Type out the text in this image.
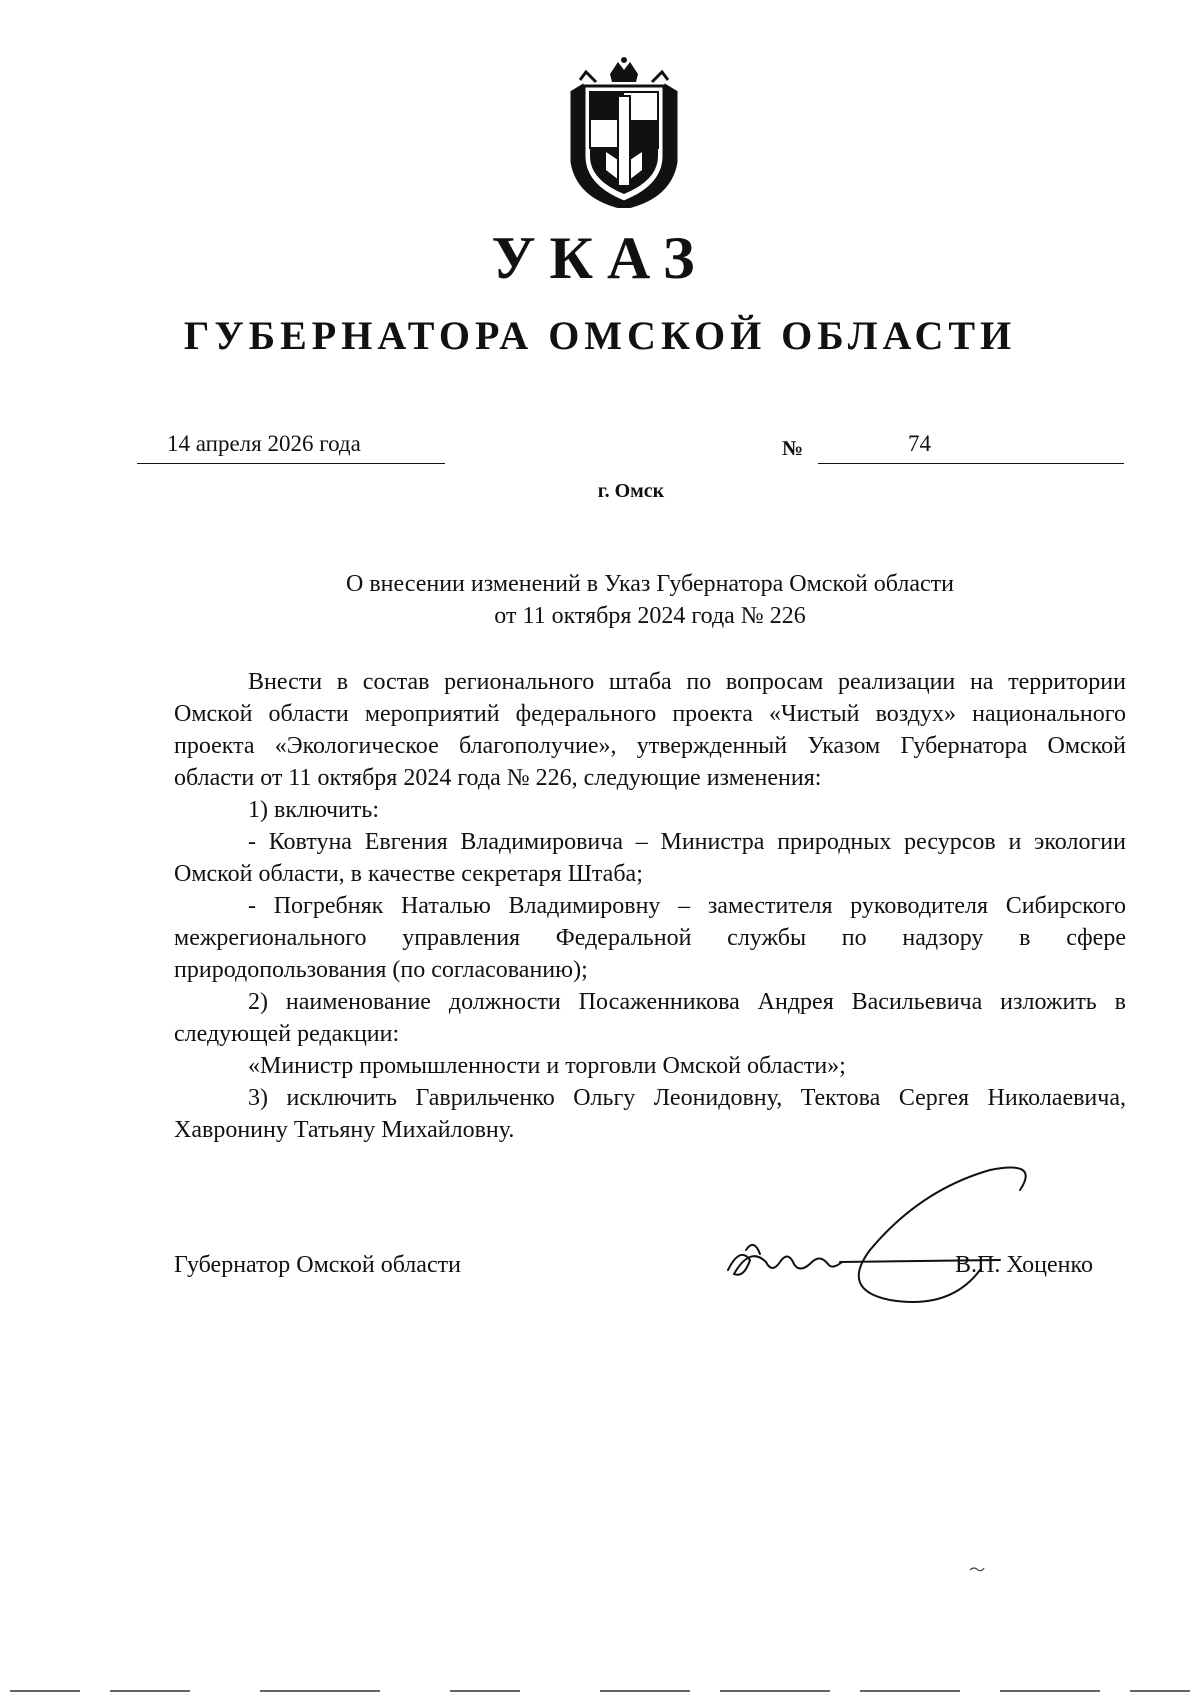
УКАЗ
ГУБЕРНАТОРА ОМСКОЙ ОБЛАСТИ
14 апреля 2026 года	№	74
г. Омск
О внесении изменений в Указ Губернатора Омской области
от 11 октября 2024 года № 226

Внести в состав регионального штаба по вопросам реализации на территории Омской области мероприятий федерального проекта «Чистый воздух» национального проекта «Экологическое благополучие», утвержденный Указом Губернатора Омской области от 11 октября 2024 года № 226, следующие изменения:

1) включить:

- Ковтуна Евгения Владимировича – Министра природных ресурсов и экологии Омской области, в качестве секретаря Штаба;

- Погребняк Наталью Владимировну – заместителя руководителя Сибирского межрегионального управления Федеральной службы по надзору в сфере природопользования (по согласованию);

2) наименование должности Посаженникова Андрея Васильевича изложить в следующей редакции:

«Министр промышленности и торговли Омской области»;

3) исключить Гаврильченко Ольгу Леонидовну, Тектова Сергея Николаевича, Хавронину Татьяну Михайловну.

Губернатор Омской области	В.П. Хоценко
